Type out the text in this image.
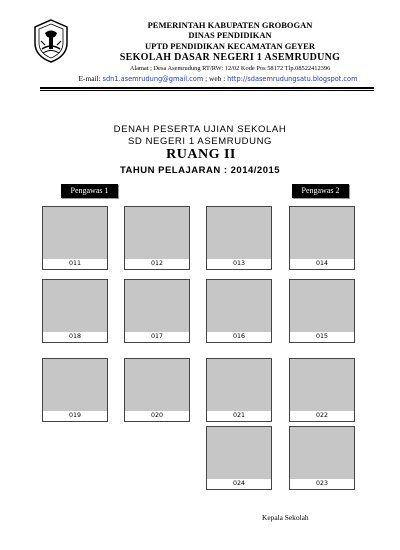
PEMERINTAH KABUPATEN GROBOGAN
DINAS PENDIDIKAN
UPTD PENDIDIKAN KECAMATAN GEYER
SEKOLAH DASAR NEGERI 1 ASEMRUDUNG
Alamat ; Desa Asemrudung RT/RW: 12/02 Kode Pos 58172 Tlp.08522412396
E-mail: sdn1.asemrudung@gmail.com ; web : http://sdasemrudungsatu.blogspot.com
DENAH PESERTA UJIAN SEKOLAH
SD NEGERI 1 ASEMRUDUNG
RUANG II
TAHUN PELAJARAN : 2014/2015
Pengawas 1	Pengawas 2
011	012	013	014
018	017	016	015
019	020	021	022
024	023
Kepala Sekolah
